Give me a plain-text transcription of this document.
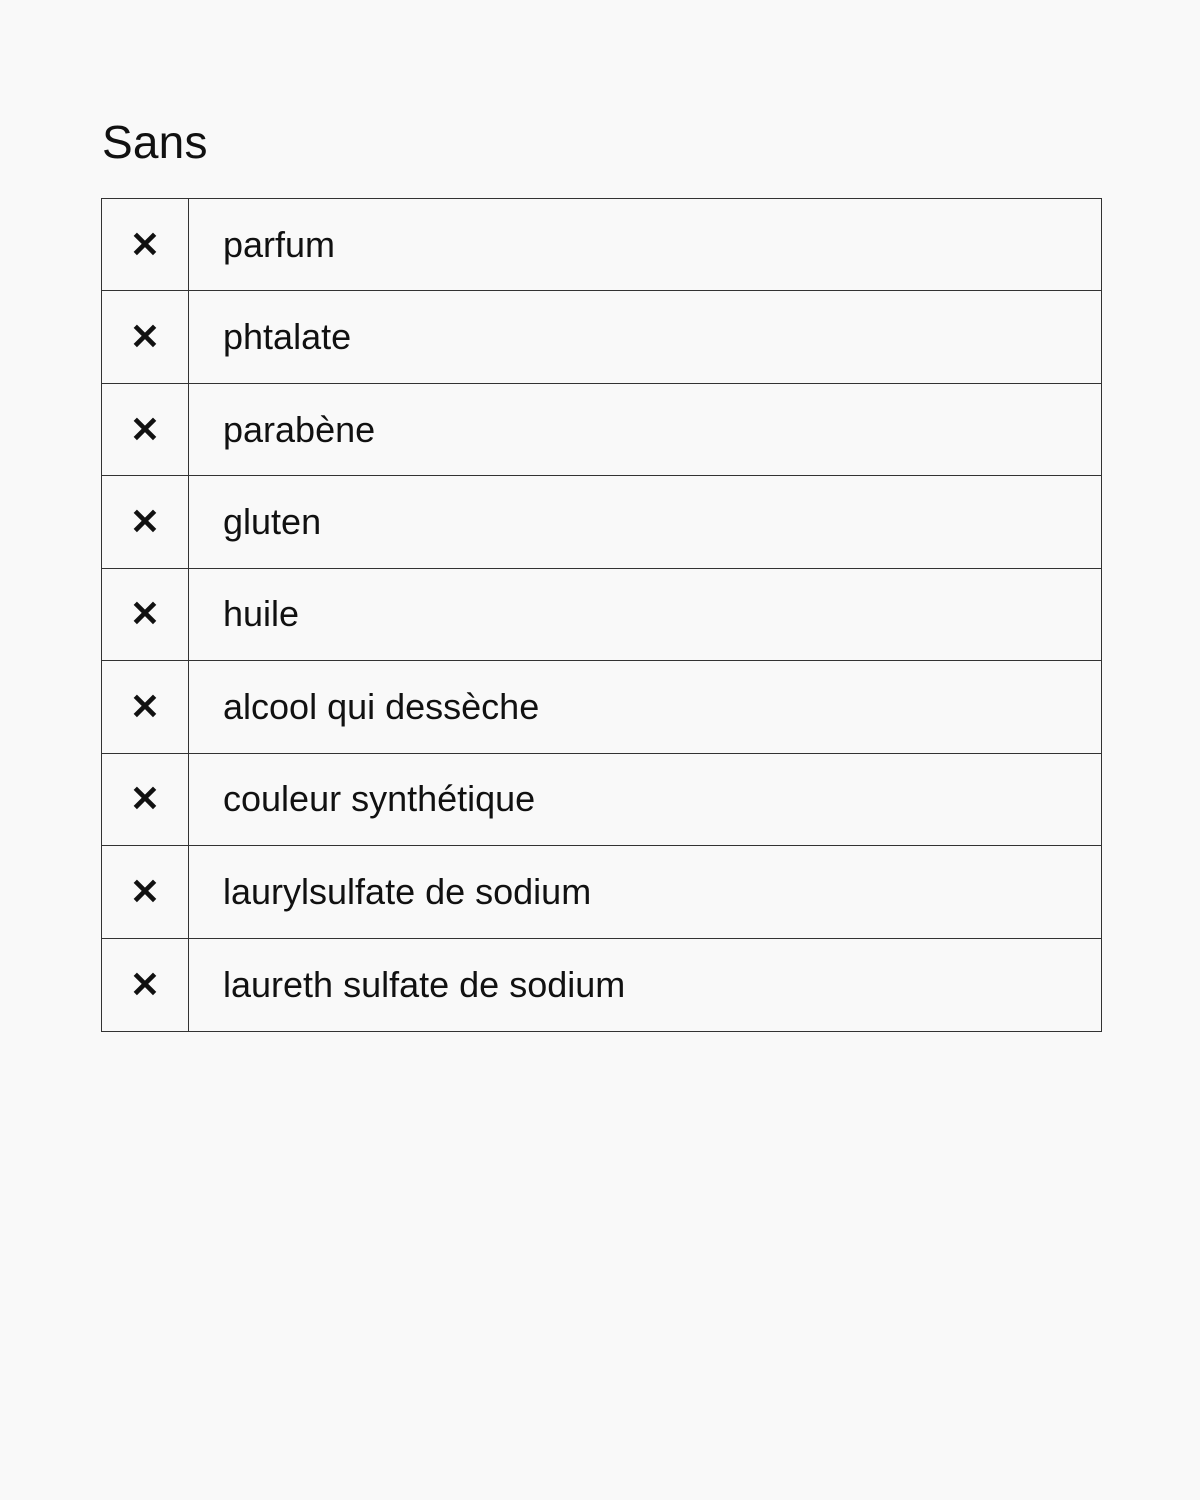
Sans
✕	parfum
✕	phtalate
✕	parabène
✕	gluten
✕	huile
✕	alcool qui dessèche
✕	couleur synthétique
✕	laurylsulfate de sodium
✕	laureth sulfate de sodium
